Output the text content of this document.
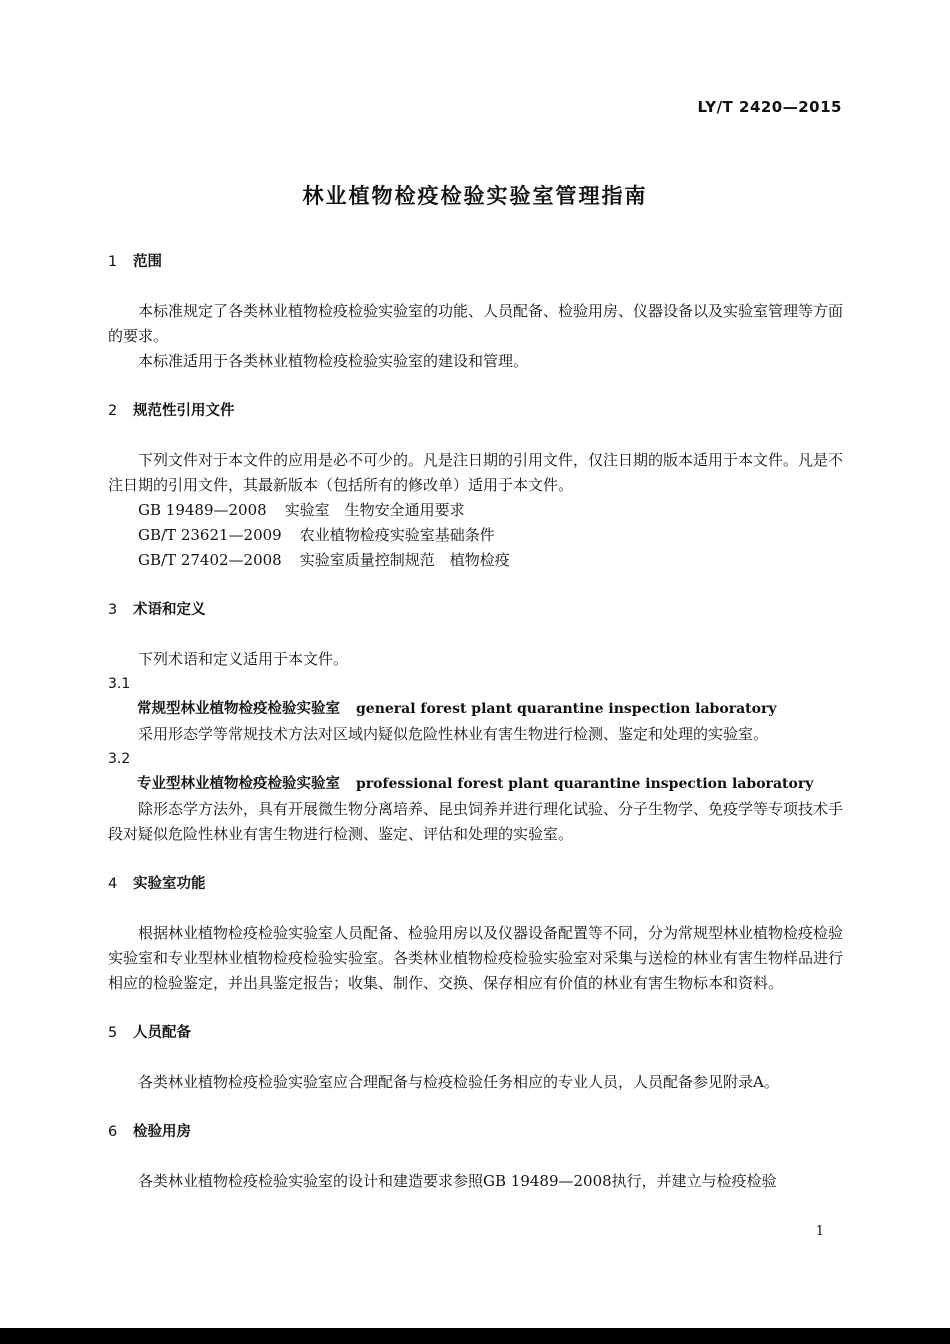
LY/T 2420—2015
林业植物检疫检验实验室管理指南

1 范围

本标准规定了各类林业植物检疫检验实验室的功能、人员配备、检验用房、仪器设备以及实验室管理等方面的要求。

本标准适用于各类林业植物检疫检验实验室的建设和管理。

2 规范性引用文件

下列文件对于本文件的应用是必不可少的。凡是注日期的引用文件，仅注日期的版本适用于本文件。凡是不注日期的引用文件，其最新版本（包括所有的修改单）适用于本文件。

GB 19489—2008 实验室　生物安全通用要求

GB/T 23621—2009 农业植物检疫实验室基础条件

GB/T 27402—2008 实验室质量控制规范　植物检疫

3 术语和定义

下列术语和定义适用于本文件。

3.1

常规型林业植物检疫检验实验室 general forest plant quarantine inspection laboratory

采用形态学等常规技术方法对区域内疑似危险性林业有害生物进行检测、鉴定和处理的实验室。

3.2

专业型林业植物检疫检验实验室 professional forest plant quarantine inspection laboratory

除形态学方法外，具有开展微生物分离培养、昆虫饲养并进行理化试验、分子生物学、免疫学等专项技术手段对疑似危险性林业有害生物进行检测、鉴定、评估和处理的实验室。

4 实验室功能

根据林业植物检疫检验实验室人员配备、检验用房以及仪器设备配置等不同，分为常规型林业植物检疫检验实验室和专业型林业植物检疫检验实验室。各类林业植物检疫检验实验室对采集与送检的林业有害生物样品进行相应的检验鉴定，并出具鉴定报告；收集、制作、交换、保存相应有价值的林业有害生物标本和资料。

5 人员配备

各类林业植物检疫检验实验室应合理配备与检疫检验任务相应的专业人员，人员配备参见附录A。

6 检验用房

各类林业植物检疫检验实验室的设计和建造要求参照GB 19489—2008执行，并建立与检疫检验

1
